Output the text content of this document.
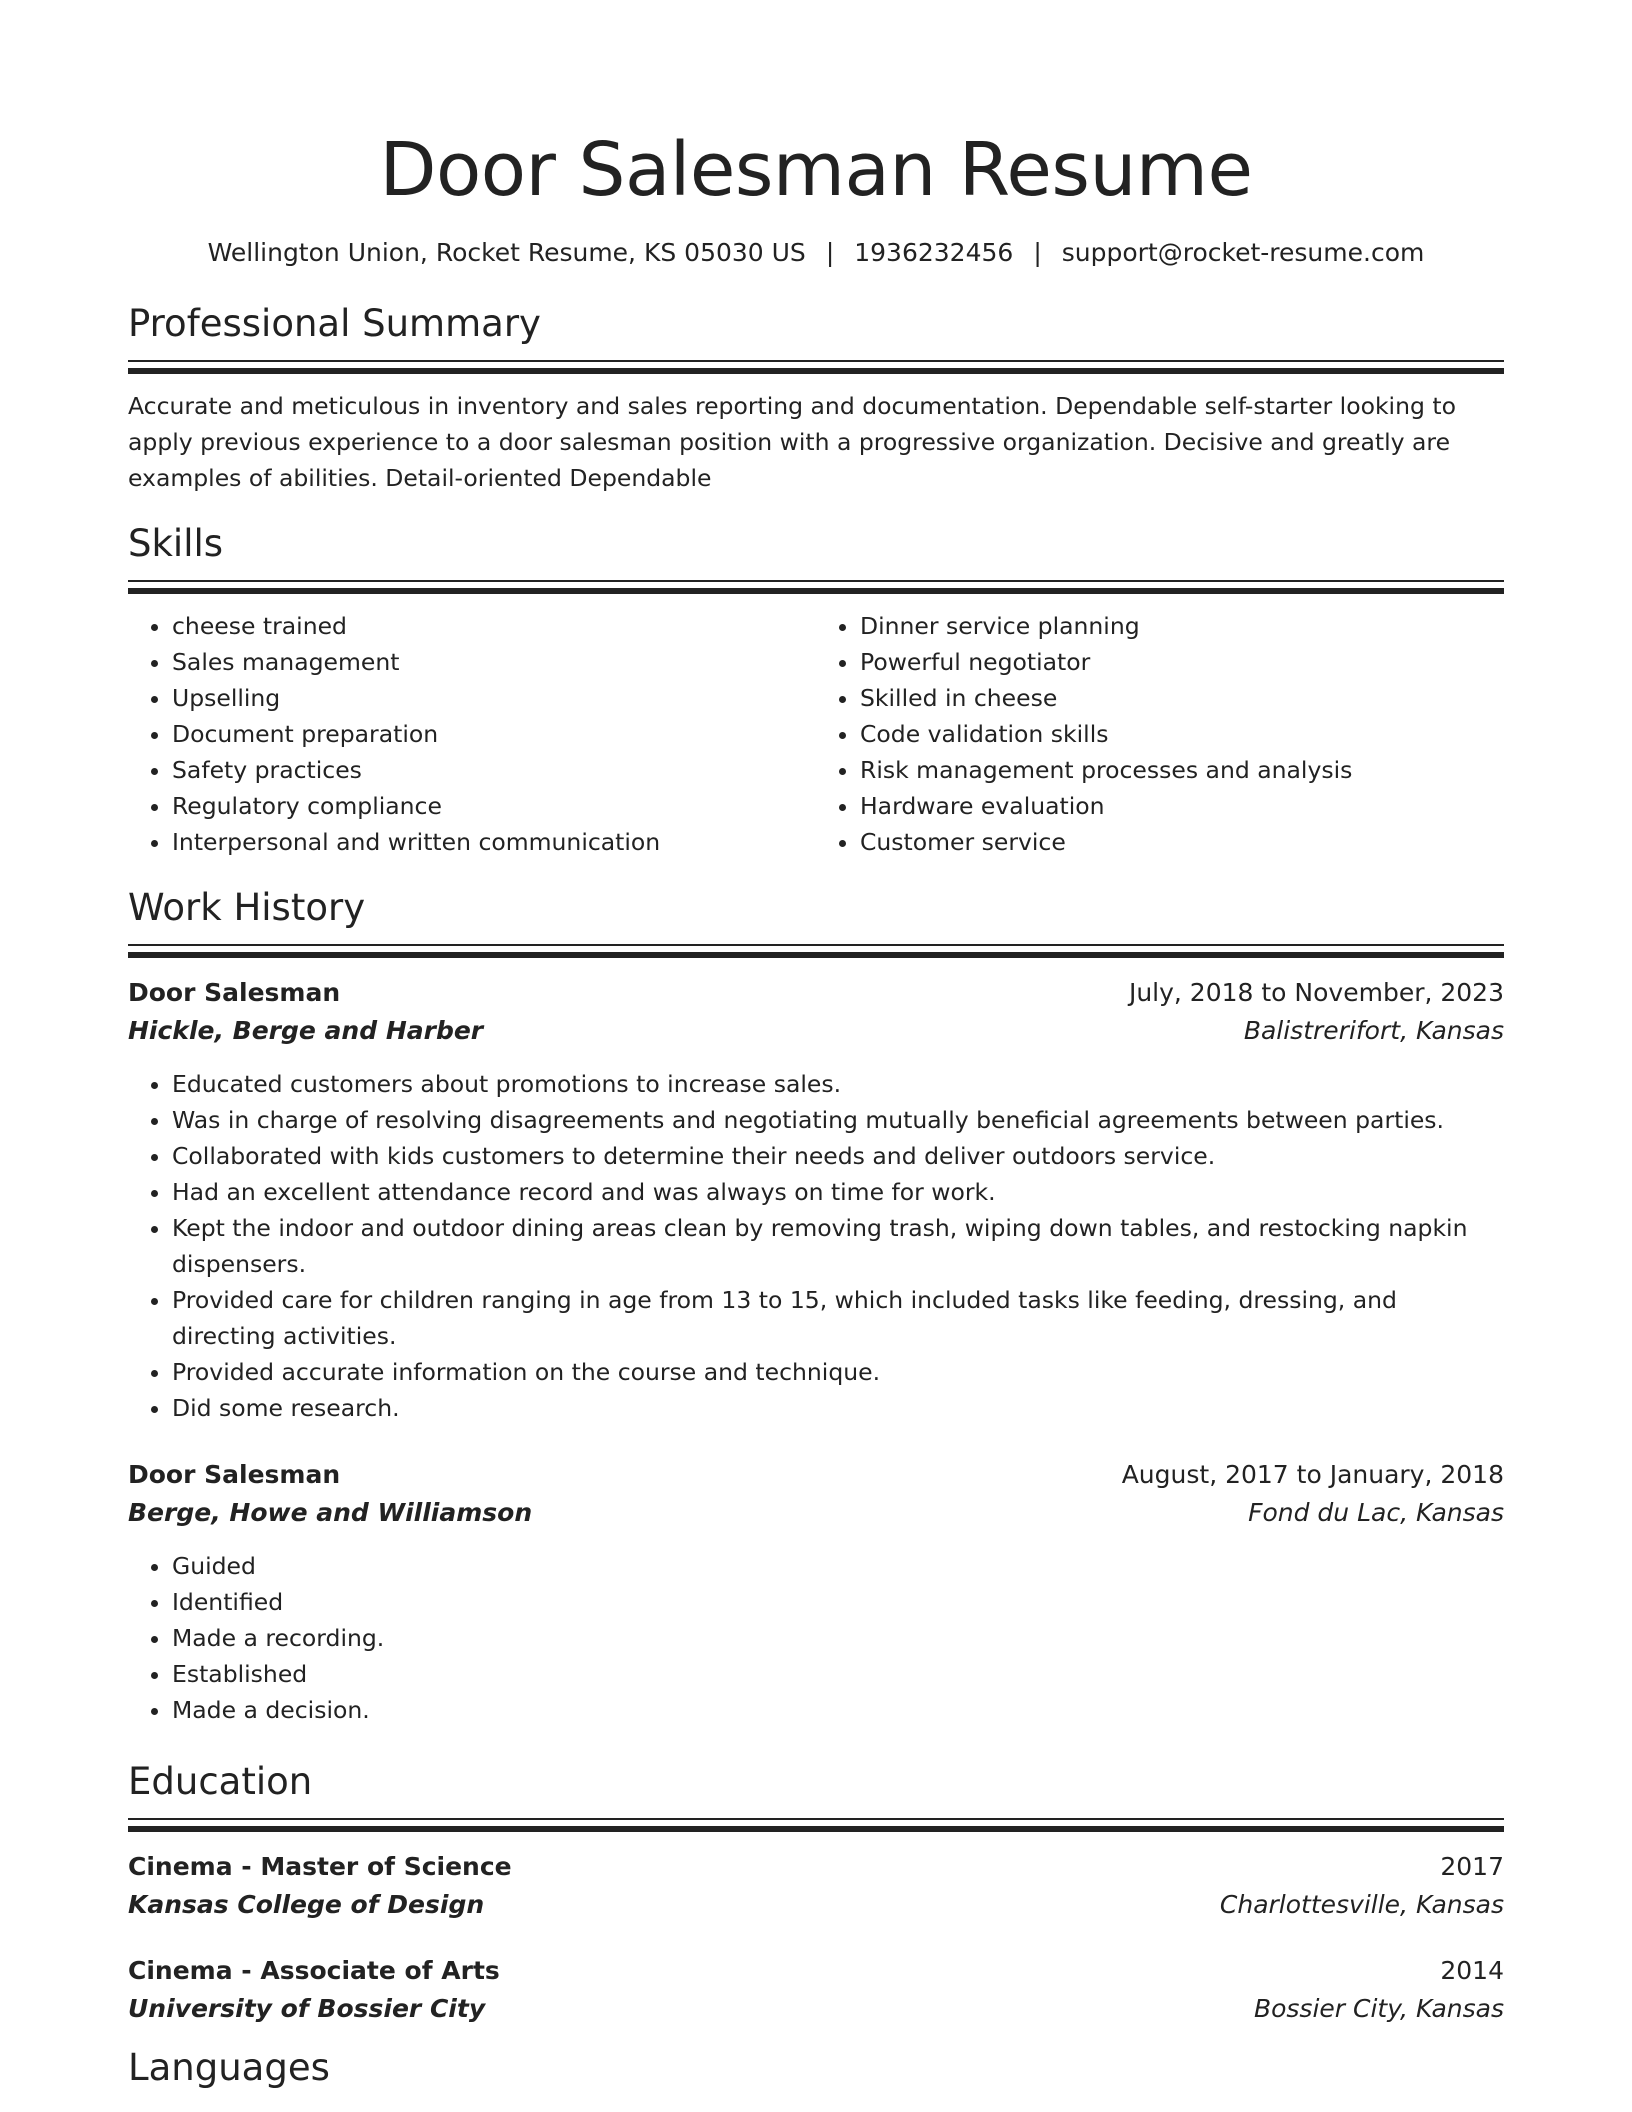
Door Salesman Resume
Wellington Union, Rocket Resume, KS 05030 US | 1936232456 | support@rocket-resume.com
Professional Summary
Accurate and meticulous in inventory and sales reporting and documentation. Dependable self-starter looking to apply previous experience to a door salesman position with a progressive organization. Decisive and greatly are examples of abilities. Detail-oriented Dependable
Skills
• cheese trained
• Sales management
• Upselling
• Document preparation
• Safety practices
• Regulatory compliance
• Interpersonal and written communication
• Dinner service planning
• Powerful negotiator
• Skilled in cheese
• Code validation skills
• Risk management processes and analysis
• Hardware evaluation
• Customer service
Work History
Door Salesman	July, 2018 to November, 2023
Hickle, Berge and Harber	Balistrerifort, Kansas
• Educated customers about promotions to increase sales.
• Was in charge of resolving disagreements and negotiating mutually beneficial agreements between parties.
• Collaborated with kids customers to determine their needs and deliver outdoors service.
• Had an excellent attendance record and was always on time for work.
• Kept the indoor and outdoor dining areas clean by removing trash, wiping down tables, and restocking napkin dispensers.
• Provided care for children ranging in age from 13 to 15, which included tasks like feeding, dressing, and directing activities.
• Provided accurate information on the course and technique.
• Did some research.
Door Salesman	August, 2017 to January, 2018
Berge, Howe and Williamson	Fond du Lac, Kansas
• Guided
• Identified
• Made a recording.
• Established
• Made a decision.
Education
Cinema - Master of Science	2017
Kansas College of Design	Charlottesville, Kansas
Cinema - Associate of Arts	2014
University of Bossier City	Bossier City, Kansas
Languages
